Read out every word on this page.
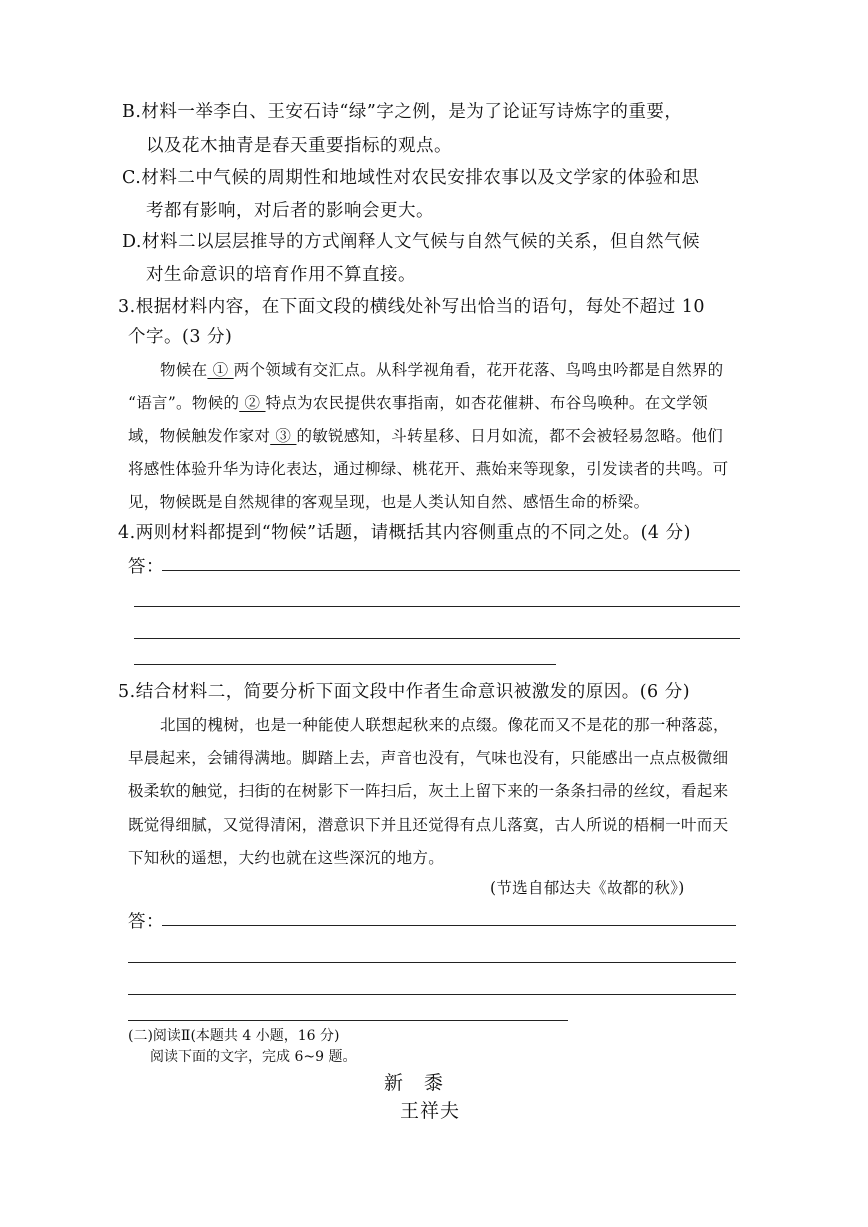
B.材料一举李白、王安石诗“绿”字之例，是为了论证写诗炼字的重要，
以及花木抽青是春天重要指标的观点。
C.材料二中气候的周期性和地域性对农民安排农事以及文学家的体验和思
考都有影响，对后者的影响会更大。
D.材料二以层层推导的方式阐释人文气候与自然气候的关系，但自然气候
对生命意识的培育作用不算直接。
3.根据材料内容，在下面文段的横线处补写出恰当的语句，每处不超过 10
个字。(3 分)
物候在 ① 两个领域有交汇点。从科学视角看，花开花落、鸟鸣虫吟都是自然界的
“语言”。物候的 ② 特点为农民提供农事指南，如杏花催耕、布谷鸟唤种。在文学领
域，物候触发作家对 ③ 的敏锐感知，斗转星移、日月如流，都不会被轻易忽略。他们
将感性体验升华为诗化表达，通过柳绿、桃花开、燕始来等现象，引发读者的共鸣。可
见，物候既是自然规律的客观呈现，也是人类认知自然、感悟生命的桥梁。
4.两则材料都提到“物候”话题，请概括其内容侧重点的不同之处。(4 分)
答：
5.结合材料二，简要分析下面文段中作者生命意识被激发的原因。(6 分)
北国的槐树，也是一种能使人联想起秋来的点缀。像花而又不是花的那一种落蕊，
早晨起来，会铺得满地。脚踏上去，声音也没有，气味也没有，只能感出一点点极微细
极柔软的触觉，扫街的在树影下一阵扫后，灰土上留下来的一条条扫帚的丝纹，看起来
既觉得细腻，又觉得清闲，潜意识下并且还觉得有点儿落寞，古人所说的梧桐一叶而天
下知秋的遥想，大约也就在这些深沉的地方。
(节选自郁达夫《故都的秋》)
答：
(二)阅读Ⅱ(本题共 4 小题，16 分)
阅读下面的文字，完成 6~9 题。
新　黍
王祥夫
